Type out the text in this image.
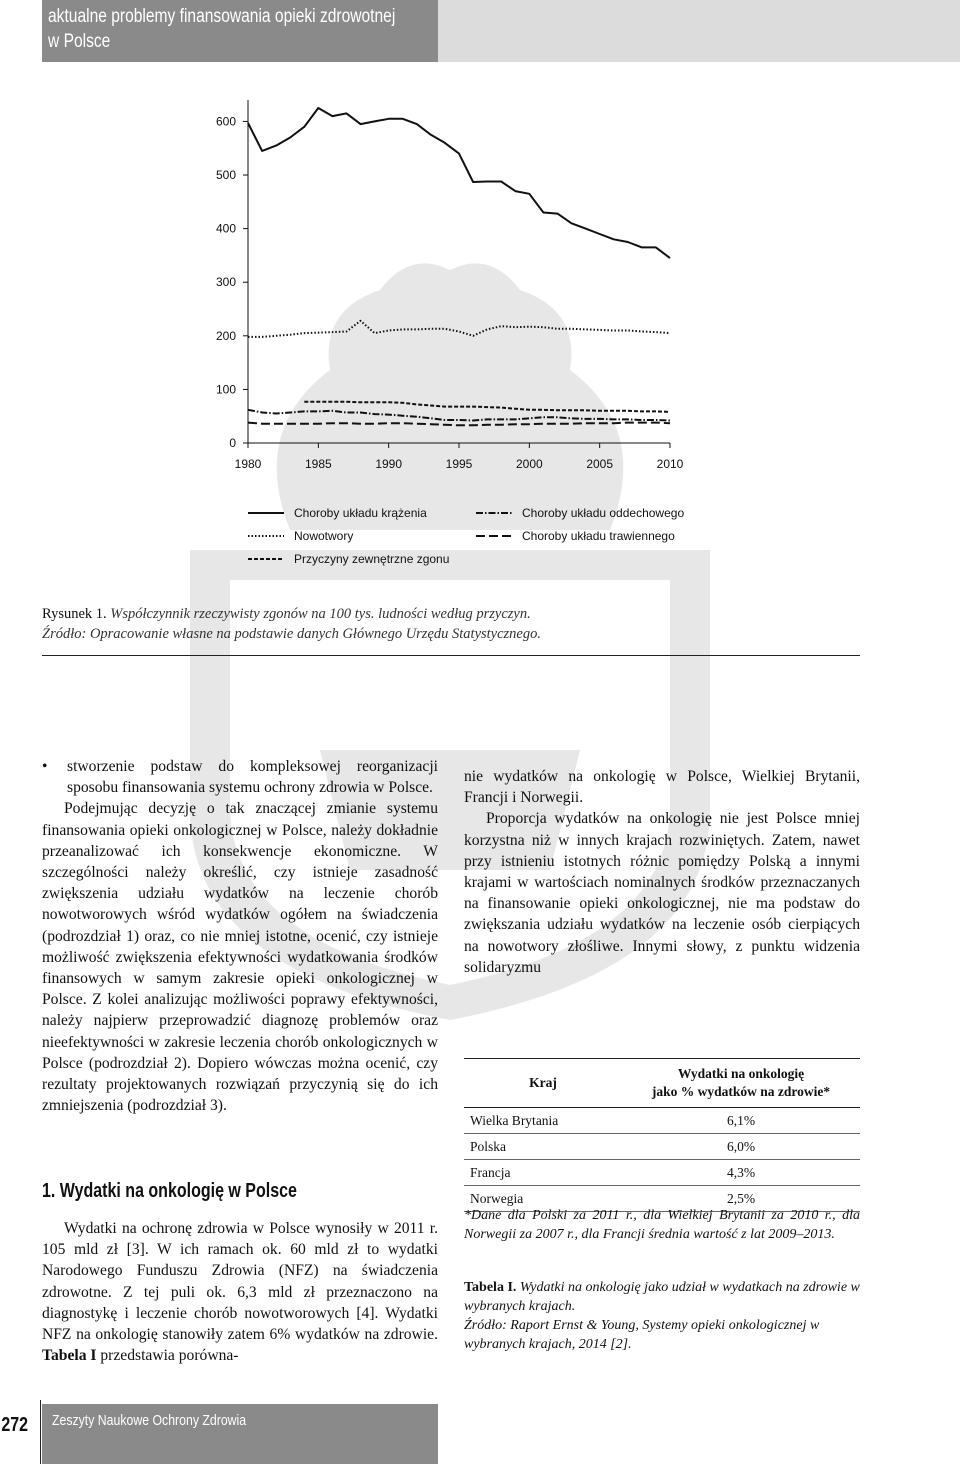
aktualne problemy finansowania opieki zdrowotnej
w Polsce
0
100
200
300
400
500
600
1980	1985	1990	1995	2000	2005	2010
Choroby układu krążenia
Nowotwory
Przyczyny zewnętrzne zgonu
Choroby układu oddechowego
Choroby układu trawiennego
Rysunek 1. Współczynnik rzeczywisty zgonów na 100 tys. ludności według przyczyn.
Źródło: Opracowanie własne na podstawie danych Głównego Urzędu Statystycznego.
•	stworzenie podstaw do kompleksowej reorganizacji sposobu finansowania systemu ochrony zdrowia w Polsce.

Podejmując decyzję o tak znaczącej zmianie systemu finansowania opieki onkologicznej w Polsce, należy dokładnie przeanalizować ich konsekwencje ekonomiczne. W szczególności należy określić, czy istnieje zasadność zwiększenia udziału wydatków na leczenie chorób nowotworowych wśród wydatków ogółem na świadczenia (podrozdział 1) oraz, co nie mniej istotne, ocenić, czy istnieje możliwość zwiększenia efektywności wydatkowania środków finansowych w samym zakresie opieki onkologicznej w Polsce. Z kolei analizując możliwości poprawy efektywności, należy najpierw przeprowadzić diagnozę problemów oraz nieefektywności w zakresie leczenia chorób onkologicznych w Polsce (podrozdział 2). Dopiero wówczas można ocenić, czy rezultaty projektowanych rozwiązań przyczynią się do ich zmniejszenia (podrozdział 3).

1. Wydatki na onkologię w Polsce

Wydatki na ochronę zdrowia w Polsce wynosiły w 2011 r. 105 mld zł [3]. W ich ramach ok. 60 mld zł to wydatki Narodowego Funduszu Zdrowia (NFZ) na świadczenia zdrowotne. Z tej puli ok. 6,3 mld zł przeznaczono na diagnostykę i leczenie chorób nowotworowych [4]. Wydatki NFZ na onkologię stanowiły zatem 6% wydatków na zdrowie. Tabela I przedstawia porówna-

nie wydatków na onkologię w Polsce, Wielkiej Brytanii, Francji i Norwegii.

Proporcja wydatków na onkologię nie jest Polsce mniej korzystna niż w innych krajach rozwiniętych. Zatem, nawet przy istnieniu istotnych różnic pomiędzy Polską a innymi krajami w wartościach nominalnych środków przeznaczanych na finansowanie opieki onkologicznej, nie ma podstaw do zwiększania udziału wydatków na leczenie osób cierpiących na nowotwory złośliwe. Innymi słowy, z punktu widzenia solidaryzmu

Kraj	Wydatki na onkologię
jako % wydatków na zdrowie*

Wielka Brytania	6,1%
Polska	6,0%
Francja	4,3%
Norwegia	2,5%
*Dane dla Polski za 2011 r., dla Wielkiej Brytanii za 2010 r., dla Norwegii za 2007 r., dla Francji średnia wartość z lat 2009–2013.
Tabela I. Wydatki na onkologię jako udział w wydatkach na zdrowie w wybranych krajach.
Źródło: Raport Ernst & Young, Systemy opieki onkologicznej w wybranych krajach, 2014 [2].
272 Zeszyty Naukowe Ochrony Zdrowia
